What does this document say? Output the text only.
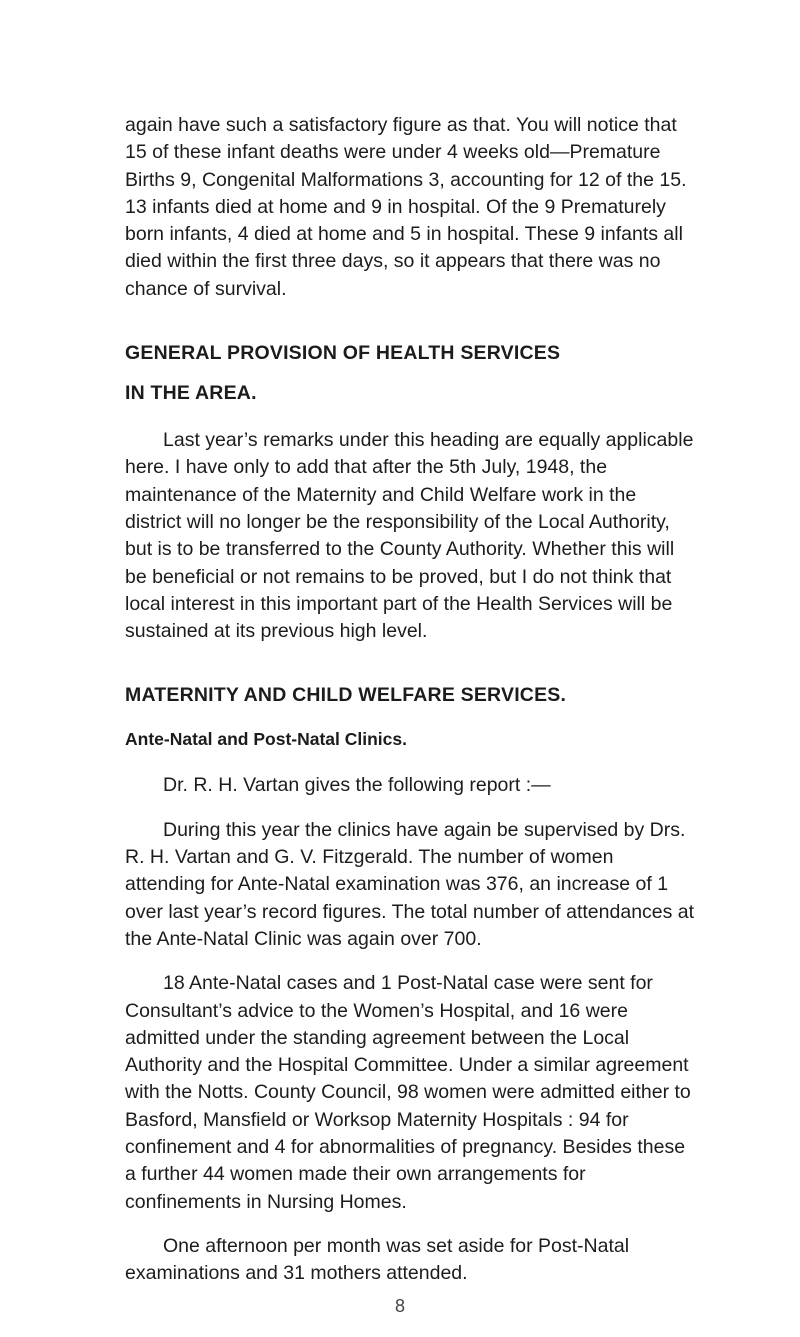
again have such a satisfactory figure as that. You will notice that 15 of these infant deaths were under 4 weeks old—Premature Births 9, Congenital Malformations 3, accounting for 12 of the 15. 13 infants died at home and 9 in hospital. Of the 9 Prematurely born infants, 4 died at home and 5 in hospital. These 9 infants all died within the first three days, so it appears that there was no chance of survival.

GENERAL PROVISION OF HEALTH SERVICES

IN THE AREA.

Last year’s remarks under this heading are equally applicable here. I have only to add that after the 5th July, 1948, the maintenance of the Maternity and Child Welfare work in the district will no longer be the responsibility of the Local Authority, but is to be transferred to the County Authority. Whether this will be beneficial or not remains to be proved, but I do not think that local interest in this important part of the Health Services will be sustained at its previous high level.

MATERNITY AND CHILD WELFARE SERVICES.

Ante-Natal and Post-Natal Clinics.

Dr. R. H. Vartan gives the following report :—

During this year the clinics have again be supervised by Drs. R. H. Vartan and G. V. Fitzgerald. The number of women attending for Ante-Natal examination was 376, an increase of 1 over last year’s record figures. The total number of attendances at the Ante-Natal Clinic was again over 700.

18 Ante-Natal cases and 1 Post-Natal case were sent for Consultant’s advice to the Women’s Hospital, and 16 were admitted under the standing agreement between the Local Authority and the Hospital Committee. Under a similar agreement with the Notts. County Council, 98 women were admitted either to Basford, Mansfield or Worksop Maternity Hospitals : 94 for confinement and 4 for abnormalities of pregnancy. Besides these a further 44 women made their own arrangements for confinements in Nursing Homes.

One afternoon per month was set aside for Post-Natal examinations and 31 mothers attended.

8
